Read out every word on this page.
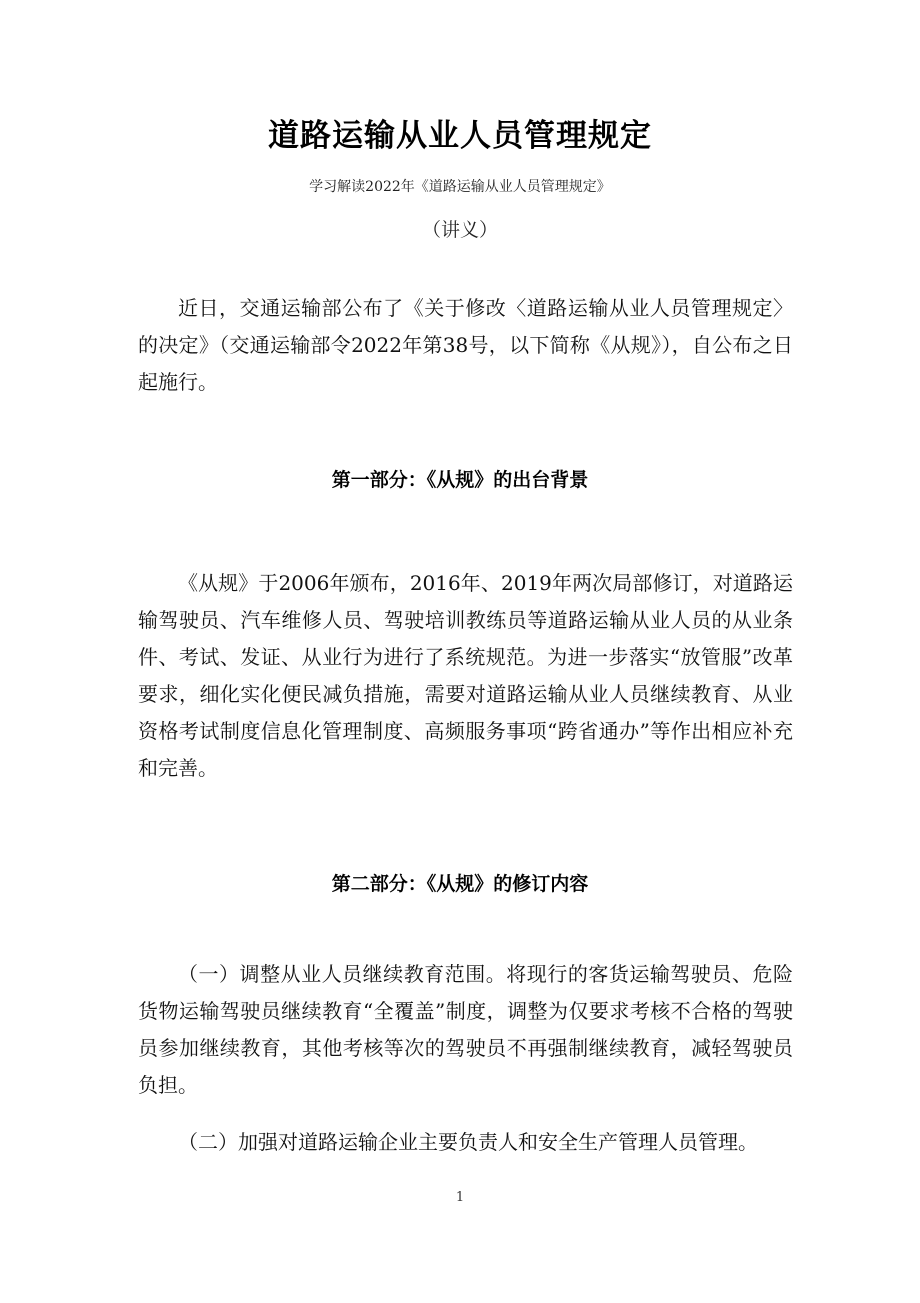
道路运输从业人员管理规定
学习解读2022年《道路运输从业人员管理规定》
（讲义）

近日，交通运输部公布了《关于修改〈道路运输从业人员管理规定〉的决定》（交通运输部令2022年第38号，以下简称《从规》），自公布之日起施行。

第一部分：《从规》的出台背景

《从规》于2006年颁布，2016年、2019年两次局部修订，对道路运输驾驶员、汽车维修人员、驾驶培训教练员等道路运输从业人员的从业条件、考试、发证、从业行为进行了系统规范。为进一步落实“放管服”改革要求，细化实化便民减负措施，需要对道路运输从业人员继续教育、从业资格考试制度信息化管理制度、高频服务事项“跨省通办”等作出相应补充和完善。

第二部分：《从规》的修订内容

（一）调整从业人员继续教育范围。将现行的客货运输驾驶员、危险货物运输驾驶员继续教育“全覆盖”制度，调整为仅要求考核不合格的驾驶员参加继续教育，其他考核等次的驾驶员不再强制继续教育，减轻驾驶员负担。

（二）加强对道路运输企业主要负责人和安全生产管理人员管理。

1
